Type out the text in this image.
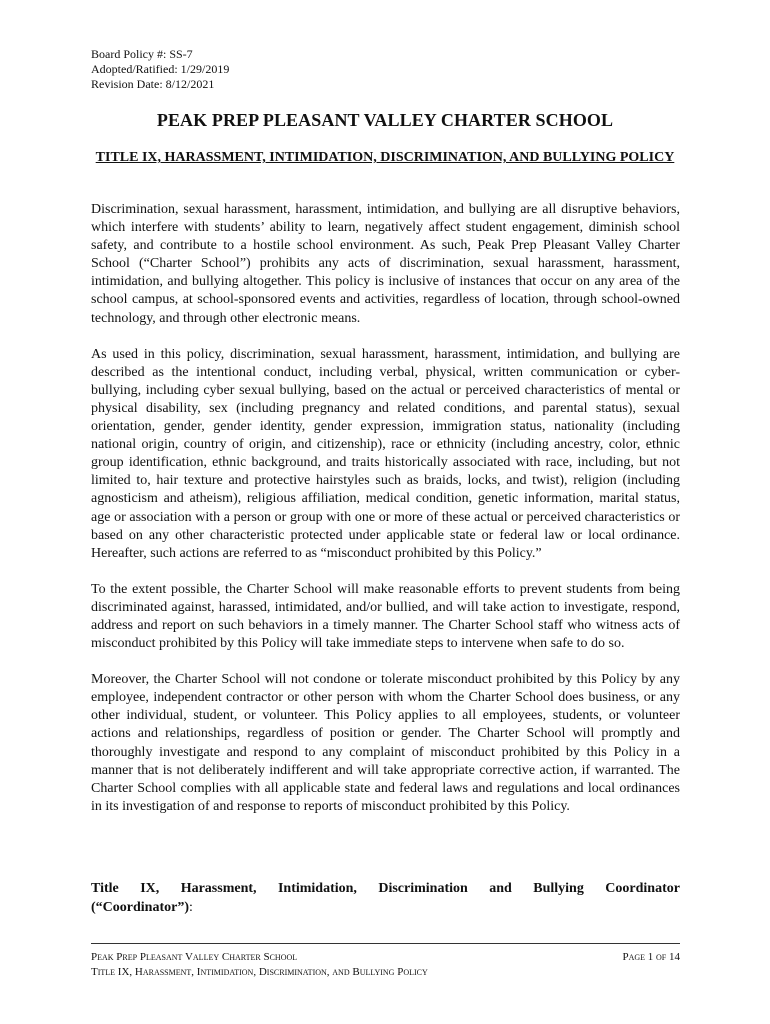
Board Policy #: SS-7
Adopted/Ratified: 1/29/2019
Revision Date: 8/12/2021
PEAK PREP PLEASANT VALLEY CHARTER SCHOOL
TITLE IX, HARASSMENT, INTIMIDATION, DISCRIMINATION, AND BULLYING POLICY

Discrimination, sexual harassment, harassment, intimidation, and bullying are all disruptive behaviors, which interfere with students’ ability to learn, negatively affect student engagement, diminish school safety, and contribute to a hostile school environment. As such, Peak Prep Pleasant Valley Charter School (“Charter School”) prohibits any acts of discrimination, sexual harassment, harassment, intimidation, and bullying altogether. This policy is inclusive of instances that occur on any area of the school campus, at school-sponsored events and activities, regardless of location, through school-owned technology, and through other electronic means.

As used in this policy, discrimination, sexual harassment, harassment, intimidation, and bullying are described as the intentional conduct, including verbal, physical, written communication or cyber-bullying, including cyber sexual bullying, based on the actual or perceived characteristics of mental or physical disability, sex (including pregnancy and related conditions, and parental status), sexual orientation, gender, gender identity, gender expression, immigration status, nationality (including national origin, country of origin, and citizenship), race or ethnicity (including ancestry, color, ethnic group identification, ethnic background, and traits historically associated with race, including, but not limited to, hair texture and protective hairstyles such as braids, locks, and twist), religion (including agnosticism and atheism), religious affiliation, medical condition, genetic information, marital status, age or association with a person or group with one or more of these actual or perceived characteristics or based on any other characteristic protected under applicable state or federal law or local ordinance. Hereafter, such actions are referred to as “misconduct prohibited by this Policy.”

To the extent possible, the Charter School will make reasonable efforts to prevent students from being discriminated against, harassed, intimidated, and/or bullied, and will take action to investigate, respond, address and report on such behaviors in a timely manner. The Charter School staff who witness acts of misconduct prohibited by this Policy will take immediate steps to intervene when safe to do so.

Moreover, the Charter School will not condone or tolerate misconduct prohibited by this Policy by any employee, independent contractor or other person with whom the Charter School does business, or any other individual, student, or volunteer. This Policy applies to all employees, students, or volunteer actions and relationships, regardless of position or gender. The Charter School will promptly and thoroughly investigate and respond to any complaint of misconduct prohibited by this Policy in a manner that is not deliberately indifferent and will take appropriate corrective action, if warranted. The Charter School complies with all applicable state and federal laws and regulations and local ordinances in its investigation of and response to reports of misconduct prohibited by this Policy.

Title IX, Harassment, Intimidation, Discrimination and Bullying Coordinator
(“Coordinator”):
Peak Prep Pleasant Valley Charter School
Title IX, Harassment, Intimidation, Discrimination, and Bullying Policy
Page 1 of 14
